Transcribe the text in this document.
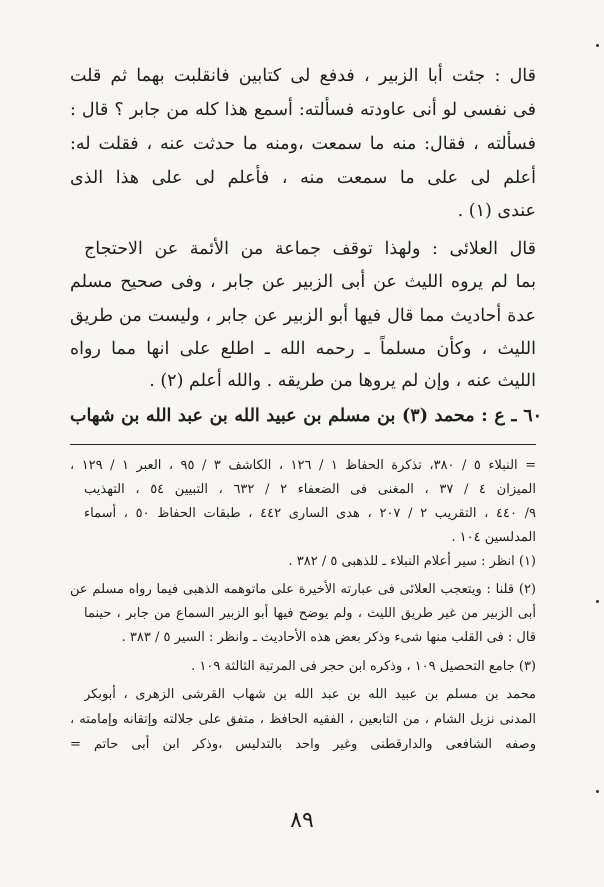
قال : جئت أبا الزبير ، فدفع لى كتابين فانقلبت بهما ثم قلت
فى نفسى لو أنى عاودته فسألته: أسمع هذا كله من جابر ؟ قال :
فسألته ، فقال: منه ما سمعت ،ومنه ما حدثت عنه ، فقلت له:
أعلم لى على ما سمعت منه ، فأعلم لى على هذا الذى
عندى (١) .
قال العلائى : ولهذا توقف جماعة من الأئمة عن الاحتجاج
بما لم يروه الليث عن أبى الزبير عن جابر ، وفى صحيح مسلم
عدة أحاديث مما قال فيها أبو الزبير عن جابر ، وليست من طريق
الليث ، وكأن مسلماً ـ رحمه الله ـ اطلع على انها مما رواه
الليث عنه ، وإن لم يروها من طريقه . والله أعلم (٢) .
٦٠ ـ ع : محمد (٣) بن مسلم بن عبيد الله بن عبد الله بن شهاب
= النبلاء ٥ / ٣٨٠، تذكرة الحفاظ ١ / ١٢٦ ، الكاشف ٣ / ٩٥ ، العبر ١ / ١٢٩ ،
الميزان ٤ / ٣٧ ، المغنى فى الضعفاء ٢ / ٦٣٢ ، التبيين ٥٤ ، التهذيب
٩/ ٤٤٠ ، التقريب ٢ / ٢٠٧ ، هدى السارى ٤٤٢ ، طبقات الحفاظ ٥٠ ، أسماء
المدلسين ١٠٤ .
(١) انظر : سير أعلام النبلاء ـ للذهبى ٥ / ٣٨٢ .
(٢) قلنا : ويتعجب العلائى فى عبارته الأخيرة على ماتوهمه الذهبى فيما رواه مسلم عن
أبى الزبير من غير طريق الليث ، ولم يوضح فيها أبو الزبير السماع من جابر ، حينما
قال : فى القلب منها شىء وذكر بعض هذه الأحاديث ـ وانظر : السير ٥ / ٣٨٣ .
(٣) جامع التحصيل ١٠٩ ، وذكره ابن حجر فى المرتبة الثالثة ١٠٩ .
محمد بن مسلم بن عبيد الله بن عبد الله بن شهاب القرشى الزهرى ، أبوبكر
المدنى نزيل الشام ، من التابعين ، الفقيه الحافظ ، متفق على جلالته وإتقانه وإمامته ،
وصفه الشافعى والدارقطنى وغير واحد بالتدليس ،وذكر ابن أبى حاتم =
٨٩
